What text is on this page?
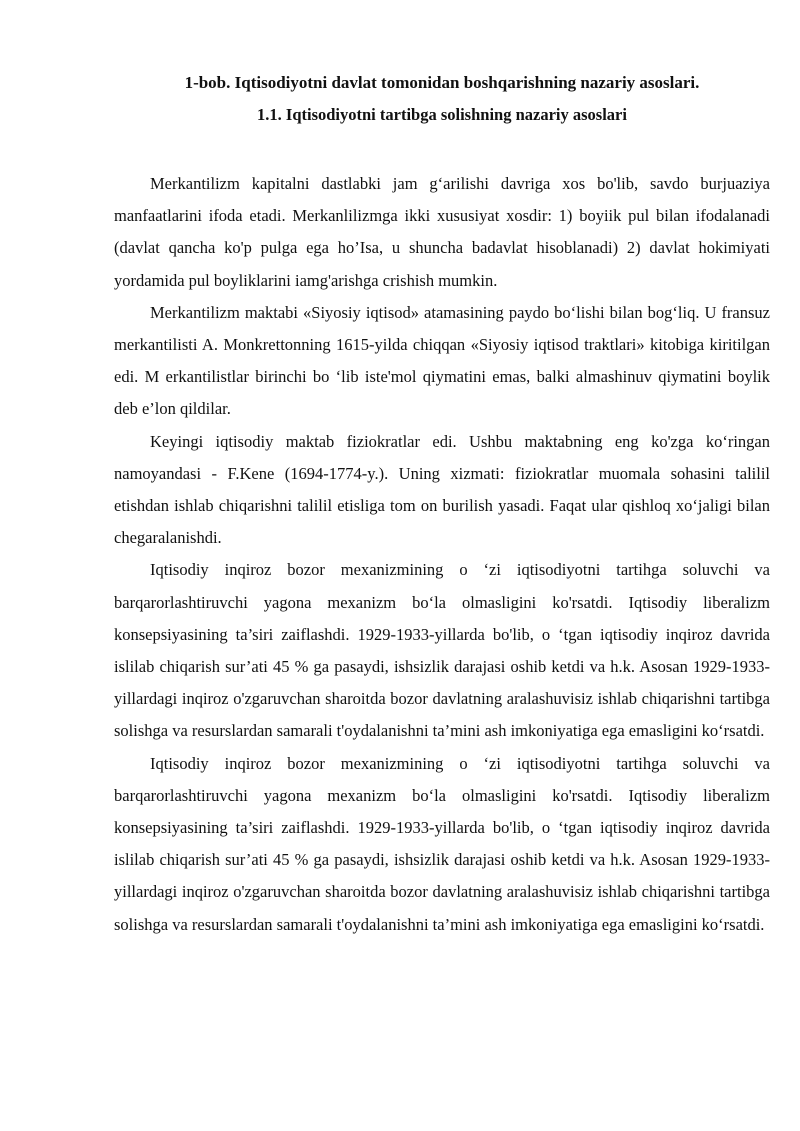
1-bob. Iqtisodiyotni davlat tomonidan boshqarishning nazariy asoslari.
1.1. Iqtisodiyotni tartibga solishning nazariy asoslari

Merkantilizm kapitalni dastlabki jam g‘arilishi davriga xos bo'lib, savdo burjuaziya manfaatlarini ifoda etadi. Merkanlilizmga ikki xususiyat xosdir: 1) boyiik pul bilan ifodalanadi (davlat qancha ko'p pulga ega ho’Isa, u shuncha badavlat hisoblanadi) 2) davlat hokimiyati yordamida pul boyliklarini iamg'arishga crishish mumkin.

Merkantilizm maktabi «Siyosiy iqtisod» atamasining paydo bo‘lishi bilan bog‘liq. U fransuz merkantilisti A. Monkrettonning 1615-yilda chiqqan «Siyosiy iqtisod traktlari» kitobiga kiritilgan edi. M erkantilistlar birinchi bo ‘lib iste'mol qiymatini emas, balki almashinuv qiymatini boylik deb e’lon qildilar.

Keyingi iqtisodiy maktab fiziokratlar edi. Ushbu maktabning eng ko'zga ko‘ringan namoyandasi - F.Kene (1694-1774-y.). Uning xizmati: fiziokratlar muomala sohasini talilil etishdan ishlab chiqarishni talilil etisliga tom on burilish yasadi. Faqat ular qishloq xo‘jaligi bilan chegaralanishdi.

Iqtisodiy inqiroz bozor mexanizmining o ‘zi iqtisodiyotni tartihga soluvchi va barqarorlashtiruvchi yagona mexanizm bo‘la olmasligini ko'rsatdi. Iqtisodiy liberalizm konsepsiyasining ta’siri zaiflashdi. 1929-1933-yillarda bo'lib, o ‘tgan iqtisodiy inqiroz davrida islilab chiqarish sur’ati 45 % ga pasaydi, ishsizlik darajasi oshib ketdi va h.k. Asosan 1929-1933- yillardagi inqiroz o'zgaruvchan sharoitda bozor davlatning aralashuvisiz ishlab chiqarishni tartibga solishga va resurslardan samarali t'oydalanishni ta’mini ash imkoniyatiga ega emasligini ko‘rsatdi.

Iqtisodiy inqiroz bozor mexanizmining o ‘zi iqtisodiyotni tartihga soluvchi va barqarorlashtiruvchi yagona mexanizm bo‘la olmasligini ko'rsatdi. Iqtisodiy liberalizm konsepsiyasining ta’siri zaiflashdi. 1929-1933-yillarda bo'lib, o ‘tgan iqtisodiy inqiroz davrida islilab chiqarish sur’ati 45 % ga pasaydi, ishsizlik darajasi oshib ketdi va h.k. Asosan 1929-1933- yillardagi inqiroz o'zgaruvchan sharoitda bozor davlatning aralashuvisiz ishlab chiqarishni tartibga solishga va resurslardan samarali t'oydalanishni ta’mini ash imkoniyatiga ega emasligini ko‘rsatdi.
